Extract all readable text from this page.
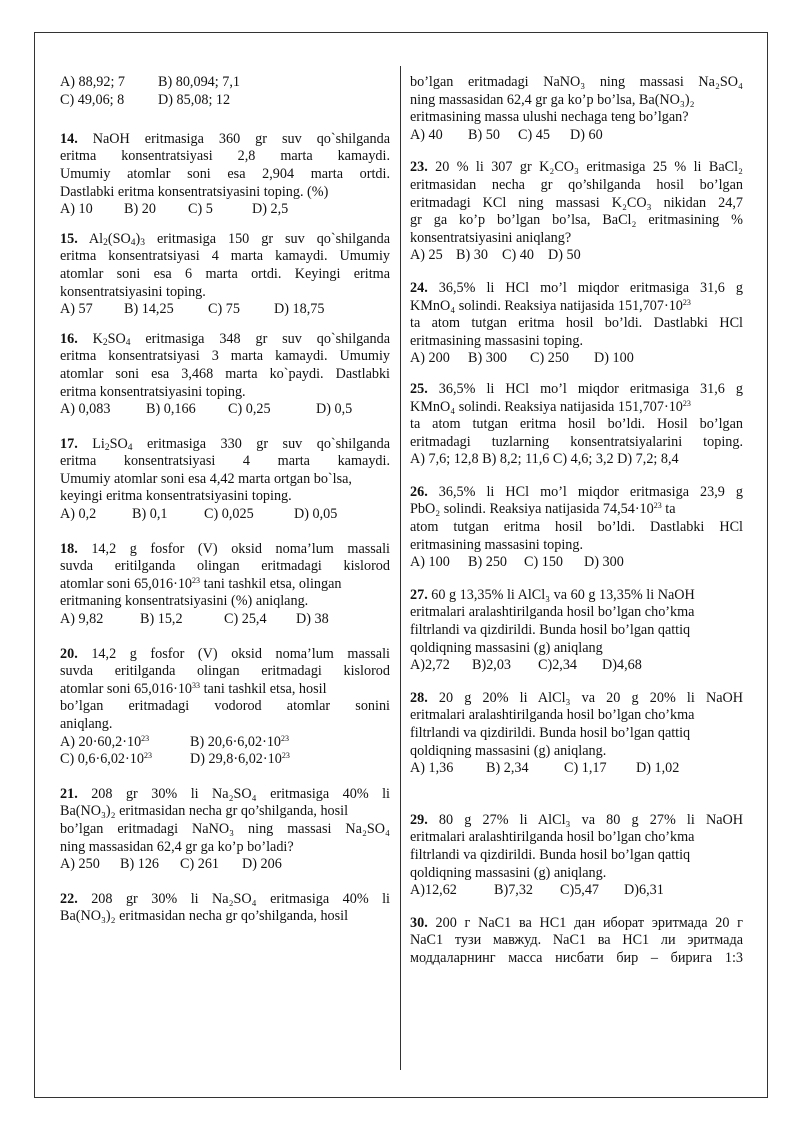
A) 88,92; 7 B) 80,094; 7,1
C) 49,06; 8 D) 85,08; 12
14. NaOH eritmasiga 360 gr suv qo`shilganda
eritma konsentratsiyasi 2,8 marta kamaydi.
Umumiy atomlar soni esa 2,904 marta ortdi.
Dastlabki eritma konsentratsiyasini toping. (%)
A) 10 B) 20 C) 5	D) 2,5
15. $Al_2(SO_4)_3$ eritmasiga 150 gr suv qo`shilganda
eritma konsentratsiyasi 4 marta kamaydi. Umumiy
atomlar soni esa 6 marta ortdi. Keyingi eritma
konsentratsiyasini toping.
A) 57 B) 14,25 C) 75 D) 18,75
16. $K_2SO_4$ eritmasiga 348 gr suv qo`shilganda
eritma konsentratsiyasi 3 marta kamaydi. Umumiy
atomlar soni esa 3,468 marta ko`paydi. Dastlabki
eritma konsentratsiyasini toping.
A) 0,083	B) 0,166 C) 0,25	D) 0,5
17. $Li_2SO_4$ eritmasiga 330 gr suv qo`shilganda
eritma konsentratsiyasi 4 marta kamaydi.
Umumiy atomlar soni esa 4,42 marta ortgan bo`lsa,
keyingi eritma konsentratsiyasini toping.
A) 0,2	B) 0,1	C) 0,025	D) 0,05
18. 14,2 g fosfor (V) oksid noma’lum massali
suvda eritilganda olingan eritmadagi kislorod
atomlar soni $65,016\cdot 10^{23}$ tani tashkil etsa, olingan
eritmaning konsentratsiyasini (%) aniqlang.
A) 9,82	B) 15,2	C) 25,4 D) 38
20. 14,2 g fosfor (V) oksid noma’lum massali
suvda eritilganda olingan eritmadagi kislorod
atomlar soni $65,016\cdot 10^{33}$ tani tashkil etsa, hosil
bo’lgan eritmadagi vodorod atomlar sonini
aniqlang.
A) $20\cdot 60,2\cdot 10^{23}$	B) $20,6\cdot 6,02\cdot 10^{23}$
C) $0,6\cdot 6,02\cdot 10^{23}$	D) $29,8\cdot 6,02\cdot 10^{23}$
21. 208 gr 30% li Na₂SO₄ eritmasiga 40% li
Ba(NO₃)₂ eritmasidan necha gr qo’shilganda, hosil
bo’lgan eritmadagi NaNO₃ ning massasi Na₂SO₄
ning massasidan 62,4 gr ga ko’p bo’ladi?
A) 250 B) 126 C) 261 D) 206
22. 208 gr 30% li Na₂SO₄ eritmasiga 40% li
Ba(NO₃)₂ eritmasidan necha gr qo’shilganda, hosil
bo’lgan eritmadagi NaNO₃ ning massasi Na₂SO₄
ning massasidan 62,4 gr ga ko’p bo’lsa, Ba(NO₃)₂
eritmasining massa ulushi nechaga teng bo’lgan?
A) 40 B) 50 C) 45 D) 60
23. 20 % li 307 gr K₂CO₃ eritmasiga 25 % li BaCl₂
eritmasidan necha gr qo’shilganda hosil bo’lgan
eritmadagi KCl ning massasi K₂CO₃ nikidan 24,7
gr ga ko’p bo’lgan bo’lsa, BaCl₂ eritmasining %
konsentratsiyasini aniqlang?
A) 25 B) 30 C) 40 D) 50
24. 36,5% li HCl mo’l miqdor eritmasiga 31,6 g
KMnO₄ solindi. Reaksiya natijasida $151,707\cdot 10^{23}$
ta atom tutgan eritma hosil bo’ldi. Dastlabki HCl
eritmasining massasini toping.
A) 200 B) 300 C) 250 D) 100
25. 36,5% li HCl mo’l miqdor eritmasiga 31,6 g
KMnO₄ solindi. Reaksiya natijasida $151,707\cdot 10^{23}$
ta atom tutgan eritma hosil bo’ldi. Hosil bo’lgan
eritmadagi tuzlarning konsentratsiyalarini toping.
A) 7,6; 12,8 B) 8,2; 11,6 C) 4,6; 3,2 D) 7,2; 8,4
26. 36,5% li HCl mo’l miqdor eritmasiga 23,9 g
PbO₂ solindi. Reaksiya natijasida $74,54\cdot 10^{23}$ ta
atom tutgan eritma hosil bo’ldi. Dastlabki HCl
eritmasining massasini toping.
A) 100 B) 250 C) 150 D) 300
27. 60 g 13,35% li AlCl₃ va 60 g 13,35% li NaOH
eritmalari aralashtirilganda hosil bo’lgan cho’kma
filtrlandi va qizdirildi. Bunda hosil bo’lgan qattiq
qoldiqning massasini (g) aniqlang
A)2,72 B)2,03 C)2,34 D)4,68
28. 20 g 20% li AlCl₃ va 20 g 20% li NaOH
eritmalari aralashtirilganda hosil bo’lgan cho’kma
filtrlandi va qizdirildi. Bunda hosil bo’lgan qattiq
qoldiqning massasini (g) aniqlang.
A) 1,36 B) 2,34 C) 1,17 D) 1,02
29. 80 g 27% li AlCl₃ va 80 g 27% li NaOH
eritmalari aralashtirilganda hosil bo’lgan cho’kma
filtrlandi va qizdirildi. Bunda hosil bo’lgan qattiq
qoldiqning massasini (g) aniqlang.
A)12,62	B)7,32 C)5,47 D)6,31
30. 200 г NaC1 ва HC1 дан иборат эритмада 20 г
NaC1 тузи мавжуд. NaC1 ва HC1 ли эритмада
моддаларнинг масса нисбати бир – бирига 1:3
